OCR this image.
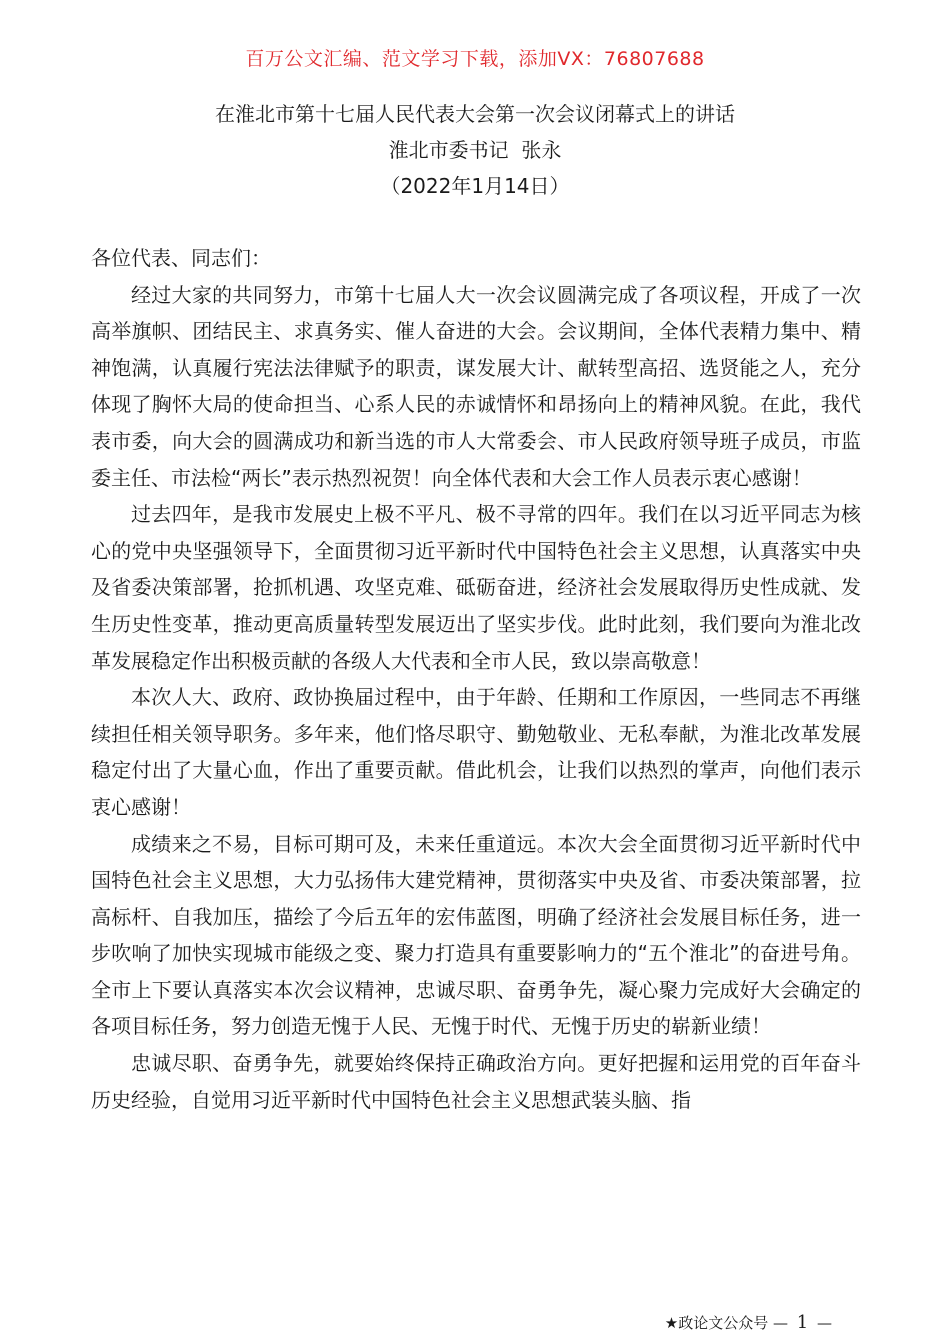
百万公文汇编、范文学习下载，添加VX：76807688
在淮北市第十七届人民代表大会第一次会议闭幕式上的讲话
淮北市委书记  张永
（2022年1月14日）

各位代表、同志们：

经过大家的共同努力，市第十七届人大一次会议圆满完成了各项议程，开成了一次高举旗帜、团结民主、求真务实、催人奋进的大会。会议期间，全体代表精力集中、精神饱满，认真履行宪法法律赋予的职责，谋发展大计、献转型高招、选贤能之人，充分体现了胸怀大局的使命担当、心系人民的赤诚情怀和昂扬向上的精神风貌。在此，我代表市委，向大会的圆满成功和新当选的市人大常委会、市人民政府领导班子成员，市监委主任、市法检“两长”表示热烈祝贺！向全体代表和大会工作人员表示衷心感谢！

过去四年，是我市发展史上极不平凡、极不寻常的四年。我们在以习近平同志为核心的党中央坚强领导下，全面贯彻习近平新时代中国特色社会主义思想，认真落实中央及省委决策部署，抢抓机遇、攻坚克难、砥砺奋进，经济社会发展取得历史性成就、发生历史性变革，推动更高质量转型发展迈出了坚实步伐。此时此刻，我们要向为淮北改革发展稳定作出积极贡献的各级人大代表和全市人民，致以崇高敬意！

本次人大、政府、政协换届过程中，由于年龄、任期和工作原因，一些同志不再继续担任相关领导职务。多年来，他们恪尽职守、勤勉敬业、无私奉献，为淮北改革发展稳定付出了大量心血，作出了重要贡献。借此机会，让我们以热烈的掌声，向他们表示衷心感谢！

成绩来之不易，目标可期可及，未来任重道远。本次大会全面贯彻习近平新时代中国特色社会主义思想，大力弘扬伟大建党精神，贯彻落实中央及省、市委决策部署，拉高标杆、自我加压，描绘了今后五年的宏伟蓝图，明确了经济社会发展目标任务，进一步吹响了加快实现城市能级之变、聚力打造具有重要影响力的“五个淮北”的奋进号角。全市上下要认真落实本次会议精神，忠诚尽职、奋勇争先，凝心聚力完成好大会确定的各项目标任务，努力创造无愧于人民、无愧于时代、无愧于历史的崭新业绩！

忠诚尽职、奋勇争先，就要始终保持正确政治方向。更好把握和运用党的百年奋斗历史经验，自觉用习近平新时代中国特色社会主义思想武装头脑、指

★政论文公众号 — 1 —
